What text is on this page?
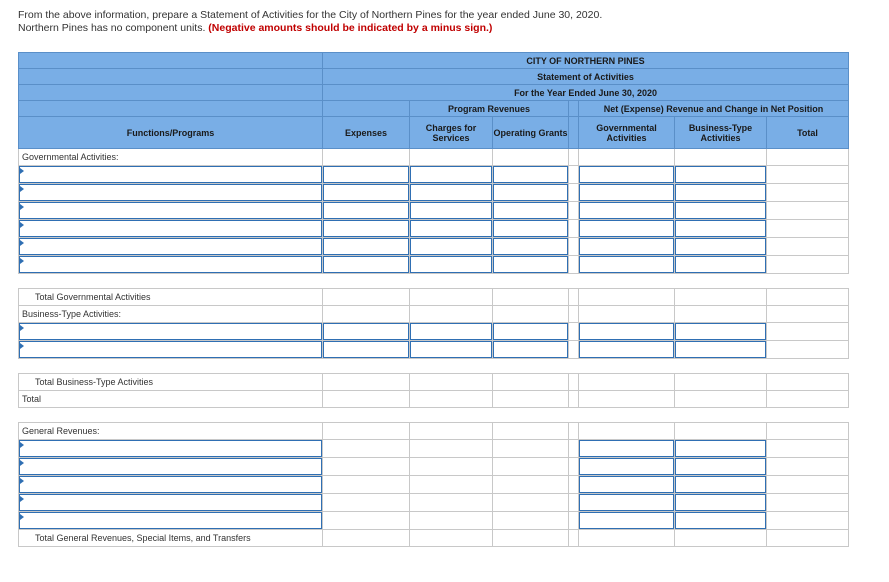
From the above information, prepare a Statement of Activities for the City of Northern Pines for the year ended June 30, 2020.
Northern Pines has no component units. (Negative amounts should be indicated by a minus sign.)
	CITY OF NORTHERN PINES						
	Statement of Activities						
	For the Year Ended June 30, 2020						
		Program Revenues			Net (Expense) Revenue and Change in Net Position		
Functions/Programs	Expenses	Charges for Services	Operating Grants		Governmental Activities	Business-Type Activities	Total
Governmental Activities:							

Total Governmental Activities							
Business-Type Activities:							

Total Business-Type Activities							
Total							

General Revenues:							

Total General Revenues, Special Items, and Transfers							
